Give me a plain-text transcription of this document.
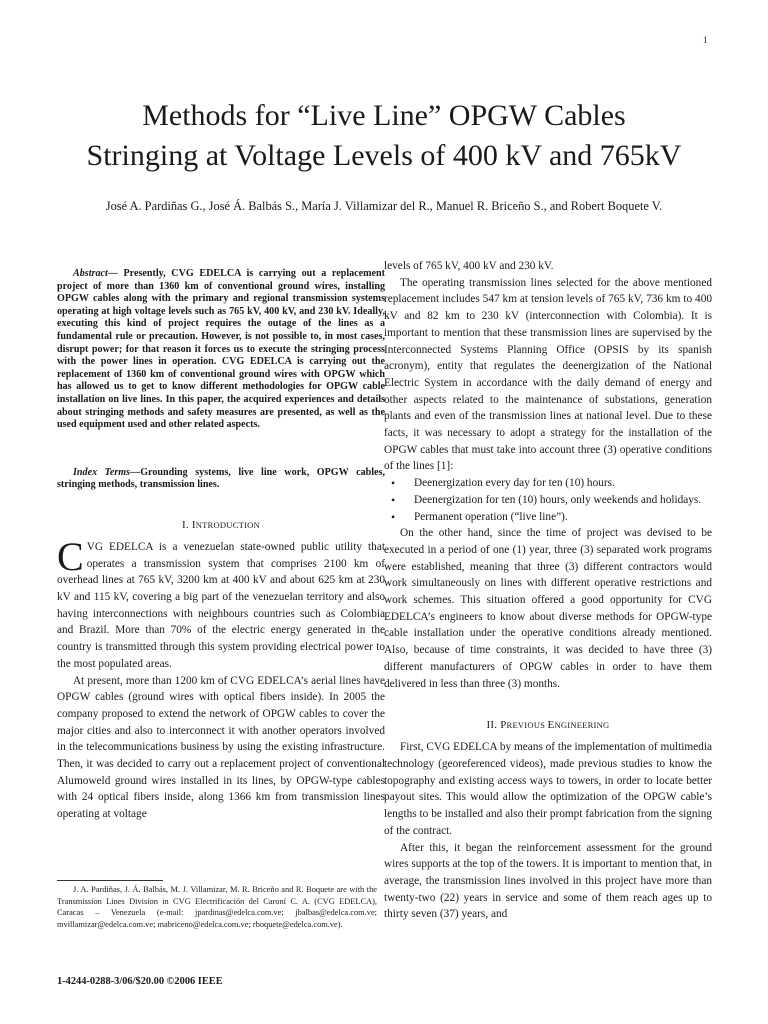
1
Methods for “Live Line” OPGW Cables
Stringing at Voltage Levels of 400 kV and 765kV
José A. Pardiñas G., José Á. Balbás S., María J. Villamizar del R., Manuel R. Briceño S., and Robert Boquete V.

Abstract— Presently, CVG EDELCA is carrying out a replacement project of more than 1360 km of conventional ground wires, installing OPGW cables along with the primary and regional transmission systems operating at high voltage levels such as 765 kV, 400 kV, and 230 kV. Ideally, executing this kind of project requires the outage of the lines as a fundamental rule or precaution. However, is not possible to, in most cases, disrupt power; for that reason it forces us to execute the stringing process with the power lines in operation. CVG EDELCA is carrying out the replacement of 1360 km of conventional ground wires with OPGW which has allowed us to get to know different methodologies for OPGW cable installation on live lines. In this paper, the acquired experiences and details about stringing methods and safety measures are presented, as well as the used equipment used and other related aspects.

Index Terms—Grounding systems, live line work, OPGW cables, stringing methods, transmission lines.

I. INTRODUCTION

CVG EDELCA is a venezuelan state-owned public utility that operates a transmission system that comprises 2100 km of overhead lines at 765 kV, 3200 km at 400 kV and about 625 km at 230 kV and 115 kV, covering a big part of the venezuelan territory and also having interconnections with neighbours countries such as Colombia and Brazil. More than 70% of the electric energy generated in the country is transmitted through this system providing electrical power to the most populated areas.

At present, more than 1200 km of CVG EDELCA’s aerial lines have OPGW cables (ground wires with optical fibers inside). In 2005 the company proposed to extend the network of OPGW cables to cover the major cities and also to interconnect it with another operators involved in the telecommunications business by using the existing infrastructure. Then, it was decided to carry out a replacement project of conventional Alumoweld ground wires installed in its lines, by OPGW-type cables with 24 optical fibers inside, along 1366 km from transmission lines operating at voltage

levels of 765 kV, 400 kV and 230 kV.

The operating transmission lines selected for the above mentioned replacement includes 547 km at tension levels of 765 kV, 736 km to 400 kV and 82 km to 230 kV (interconnection with Colombia). It is important to mention that these transmission lines are supervised by the Interconnected Systems Planning Office (OPSIS by its spanish acronym), entity that regulates the deenergization of the National Electric System in accordance with the daily demand of energy and other aspects related to the maintenance of substations, generation plants and even of the transmission lines at national level. Due to these facts, it was necessary to adopt a strategy for the installation of the OPGW cables that must take into account three (3) operative conditions of the lines [1]:

• Deenergization every day for ten (10) hours.
• Deenergization for ten (10) hours, only weekends and holidays.
• Permanent operation (“live line”).

On the other hand, since the time of project was devised to be executed in a period of one (1) year, three (3) separated work programs were established, meaning that three (3) different contractors would work simultaneously on lines with different operative restrictions and work schemes. This situation offered a good opportunity for CVG EDELCA’s engineers to know about diverse methods for OPGW-type cable installation under the operative conditions already mentioned. Also, because of time constraints, it was decided to have three (3) different manufacturers of OPGW cables in order to have them delivered in less than three (3) months.

II. PREVIOUS ENGINEERING

First, CVG EDELCA by means of the implementation of multimedia technology (georeferenced videos), made previous studies to know the topography and existing access ways to towers, in order to locate better payout sites. This would allow the optimization of the OPGW cable’s lengths to be installed and also their prompt fabrication from the signing of the contract.

After this, it began the reinforcement assessment for the ground wires supports at the top of the towers. It is important to mention that, in average, the transmission lines involved in this project have more than twenty-two (22) years in service and some of them reach ages up to thirty seven (37) years, and

J. A. Pardiñas, J. Á. Balbás, M. J. Villamizar, M. R. Briceño and R. Boquete are with the Transmission Lines Division in CVG Electrificación del Caroní C. A. (CVG EDELCA), Caracas – Venezuela (e-mail: jpardinas@edelca.com.ve; jbalbas@edelca.com.ve; mvillamizar@edelca.com.ve; mabriceno@edelca.com.ve; rboquete@edelca.com.ve).

1-4244-0288-3/06/$20.00 ©2006 IEEE
